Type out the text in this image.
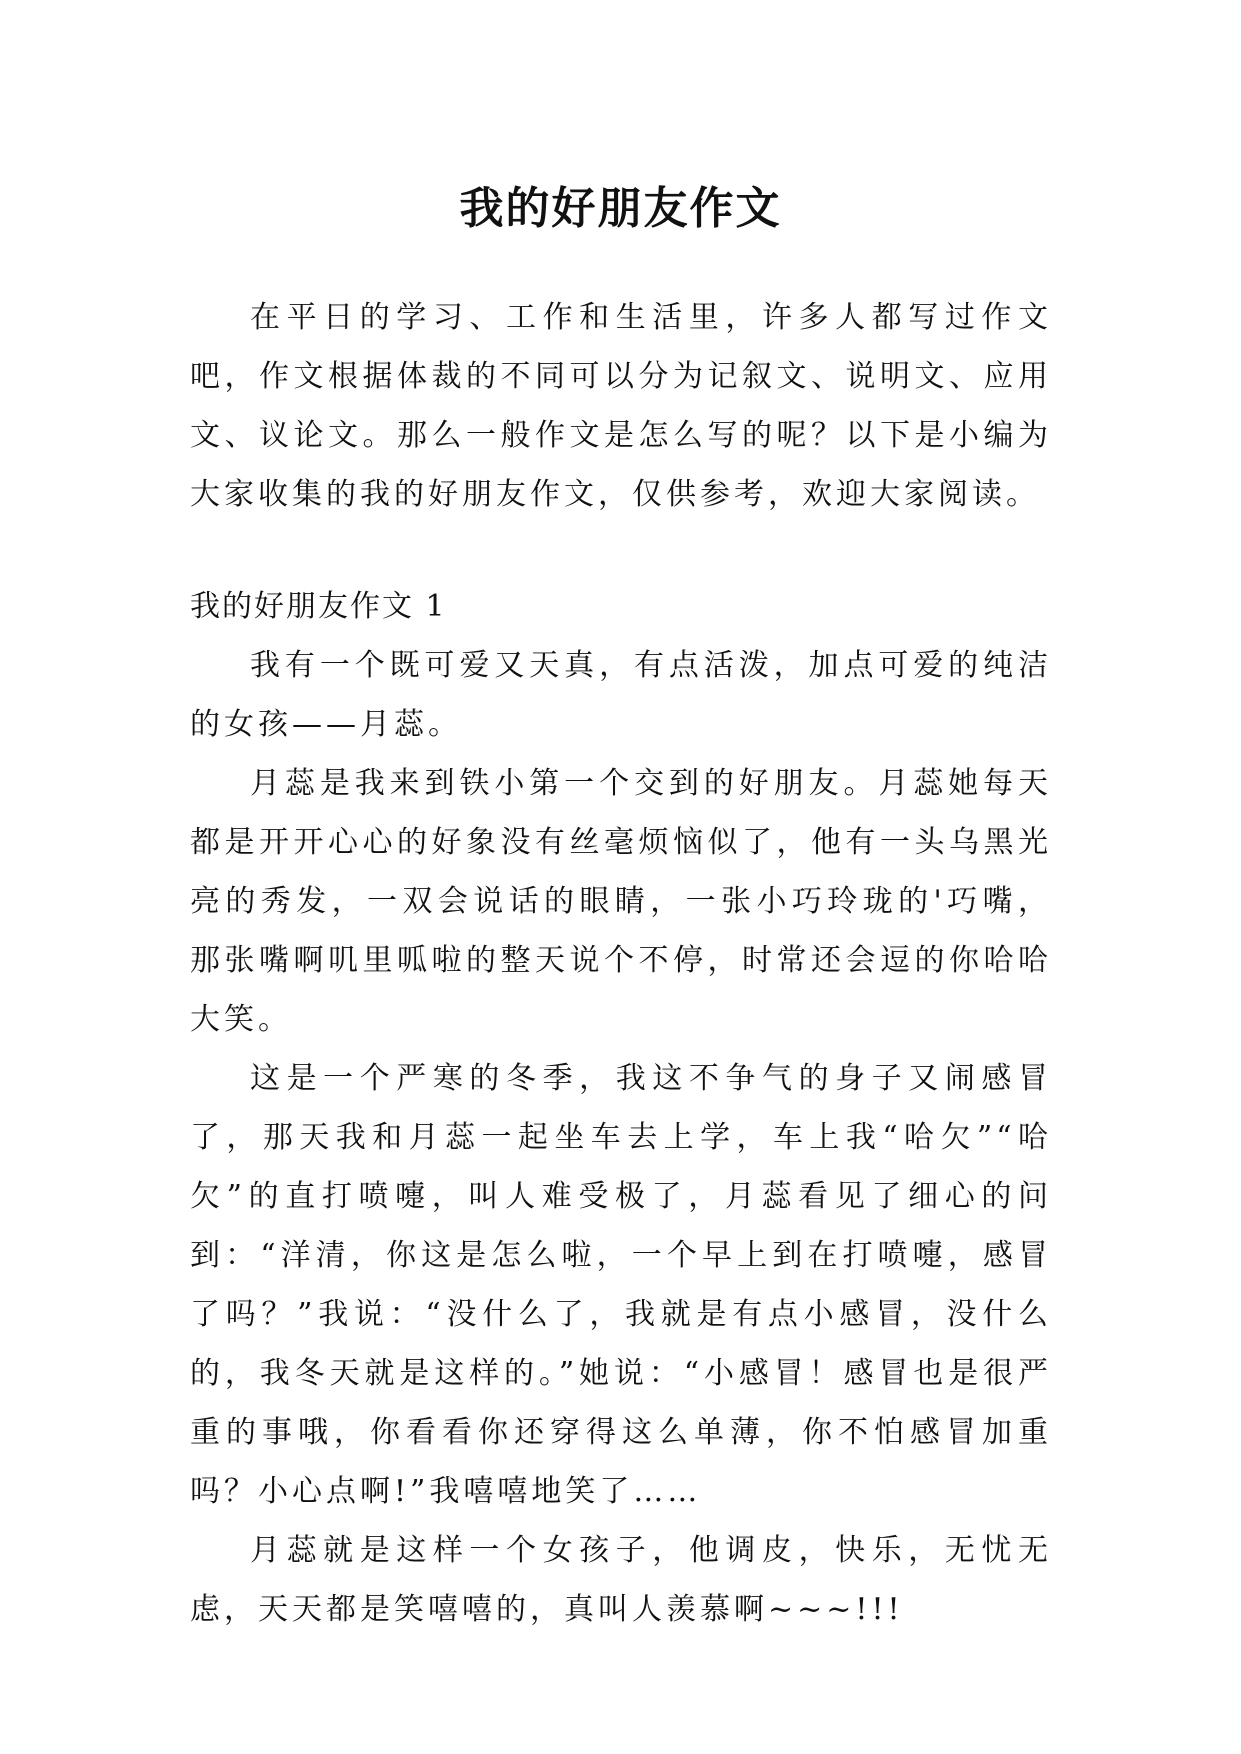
我的好朋友作文

在平日的学习、工作和生活里，许多人都写过作文吧，作文根据体裁的不同可以分为记叙文、说明文、应用文、议论文。那么一般作文是怎么写的呢？以下是小编为大家收集的我的好朋友作文，仅供参考，欢迎大家阅读。

我的好朋友作文 1

我有一个既可爱又天真，有点活泼，加点可爱的纯洁的女孩——月蕊。

月蕊是我来到铁小第一个交到的好朋友。月蕊她每天都是开开心心的好象没有丝毫烦恼似了，他有一头乌黑光亮的秀发，一双会说话的眼睛，一张小巧玲珑的'巧嘴，那张嘴啊叽里呱啦的整天说个不停，时常还会逗的你哈哈大笑。

这是一个严寒的冬季，我这不争气的身子又闹感冒了，那天我和月蕊一起坐车去上学，车上我“哈欠”“哈欠”的直打喷嚏，叫人难受极了，月蕊看见了细心的问到：“洋清，你这是怎么啦，一个早上到在打喷嚏，感冒了吗？”我说：“没什么了，我就是有点小感冒，没什么的，我冬天就是这样的。”她说：“小感冒！感冒也是很严重的事哦，你看看你还穿得这么单薄，你不怕感冒加重吗？小心点啊!”我嘻嘻地笑了……

月蕊就是这样一个女孩子，他调皮，快乐，无忧无虑，天天都是笑嘻嘻的，真叫人羡慕啊~~~!!!
